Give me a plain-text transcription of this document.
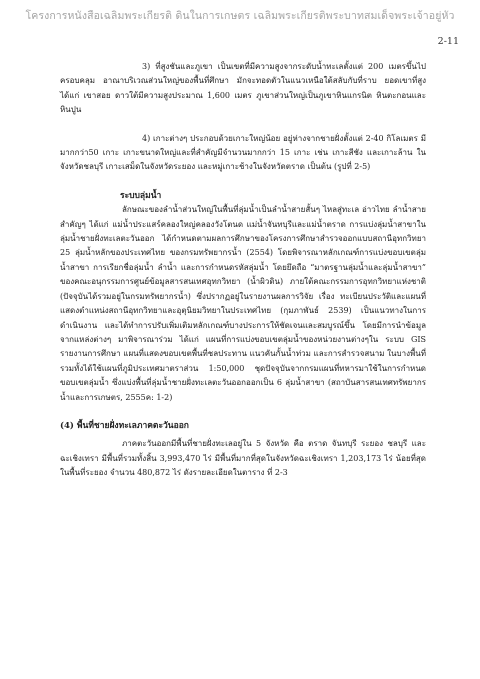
โครงการหนังสือเฉลิมพระเกียรติ ดินในการเกษตร เฉลิมพระเกียรติพระบาทสมเด็จพระเจ้าอยู่หัว
2-11

3) ที่สูงชันและภูเขา เป็นเขตที่มีความสูงจากระดับน้ำทะเลตั้งแต่ 200 เมตรขึ้นไป ครอบคลุม อาณาบริเวณส่วนใหญ่ของพื้นที่ศึกษา มักจะทอดตัวในแนวเหนือใต้สลับกับที่ราบ ยอดเขาที่สูง ได้แก่ เขาสอย ดาวใต้มีความสูงประมาณ 1,600 เมตร ภูเขาส่วนใหญ่เป็นภูเขาหินแกรนิต หินตะกอนและหินปูน

4) เกาะต่างๆ ประกอบด้วยเกาะใหญ่น้อย อยู่ห่างจากชายฝั่งตั้งแต่ 2-40 กิโลเมตร มีมากกว่า50 เกาะ เกาะขนาดใหญ่และที่สำคัญมีจำนวนมากกว่า 15 เกาะ เช่น เกาะสีชัง และเกาะล้าน ในจังหวัดชลบุรี เกาะเสม็ดในจังหวัดระยอง และหมู่เกาะช้างในจังหวัดตราด เป็นต้น (รูปที่ 2-5)

ระบบลุ่มน้ำ

ลักษณะของลำน้ำส่วนใหญ่ในพื้นที่ลุ่มน้ำเป็นลำน้ำสายสั้นๆ ไหลสู่ทะเล อ่าวไทย ลำน้ำสายสำคัญๆ ได้แก่ แม่น้ำประแสร์คลองใหญ่คลองวังโตนด แม่น้ำจันทบุรีและแม่น้ำตราด การแบ่งลุ่มน้ำสาขาในลุ่มน้ำชายฝั่งทะเลตะวันออก ได้กำหนดตามผลการศึกษาของโครงการศึกษาสำรวจออกแบบสถานีอุทกวิทยา 25 ลุ่มน้ำหลักของประเทศไทย ของกรมทรัพยากรน้ำ (2554) โดยพิจารณาหลักเกณฑ์การแบ่งขอบเขตลุ่มน้ำสาขา การเรียกชื่อลุ่มน้ำ ลำน้ำ และการกำหนดรหัสลุ่มน้ำ โดยยึดถือ “มาตรฐานลุ่มน้ำและลุ่มน้ำสาขา” ของคณะอนุกรรมการศูนย์ข้อมูลสารสนเทศอุทกวิทยา (น้ำผิวดิน) ภายใต้คณะกรรมการอุทกวิทยาแห่งชาติ (ปัจจุบันได้รวมอยู่ในกรมทรัพยากรน้ำ) ซึ่งปรากฏอยู่ในรายงานผลการวิจัย เรื่อง ทะเบียนประวัติและแผนที่แสดงตำแหน่งสถานีอุทกวิทยาและอุตุนิยมวิทยาในประเทศไทย (กุมภาพันธ์ 2539) เป็นแนวทางในการดำเนินงาน และได้ทำการปรับเพิ่มเติมหลักเกณฑ์บางประการให้ชัดเจนและสมบูรณ์ขึ้น โดยมีการนำข้อมูลจากแหล่งต่างๆ มาพิจารณาร่วม ได้แก่ แผนที่การแบ่งขอบเขตลุ่มน้ำของหน่วยงานต่างๆใน ระบบ GIS รายงานการศึกษา แผนที่แสดงขอบเขตพื้นที่ชลประทาน แนวคันกั้นน้ำท่วม และการสำรวจสนาม ในบางพื้นที่ รวมทั้งได้ใช้แผนที่ภูมิประเทศมาตราส่วน 1:50,000 ชุดปัจจุบันจากกรมแผนที่ทหารมาใช้ในการกำหนดขอบเขตลุ่มน้ำ ซึ่งแบ่งพื้นที่ลุ่มน้ำชายฝั่งทะเลตะวันออกออกเป็น 6 ลุ่มน้ำสาขา (สถาบันสารสนเทศทรัพยากรน้ำและการเกษตร, 2555ค: 1-2)

(4) พื้นที่ชายฝั่งทะเลภาคตะวันออก

ภาคตะวันออกมีพื้นที่ชายฝั่งทะเลอยู่ใน 5 จังหวัด คือ ตราด จันทบุรี ระยอง ชลบุรี และฉะเชิงเทรา มีพื้นที่รวมทั้งสิ้น 3,993,470 ไร่ มีพื้นที่มากที่สุดในจังหวัดฉะเชิงเทรา 1,203,173 ไร่ น้อยที่สุดในพื้นที่ระยอง จำนวน 480,872 ไร่ ดังรายละเอียดในตาราง ที่ 2-3
